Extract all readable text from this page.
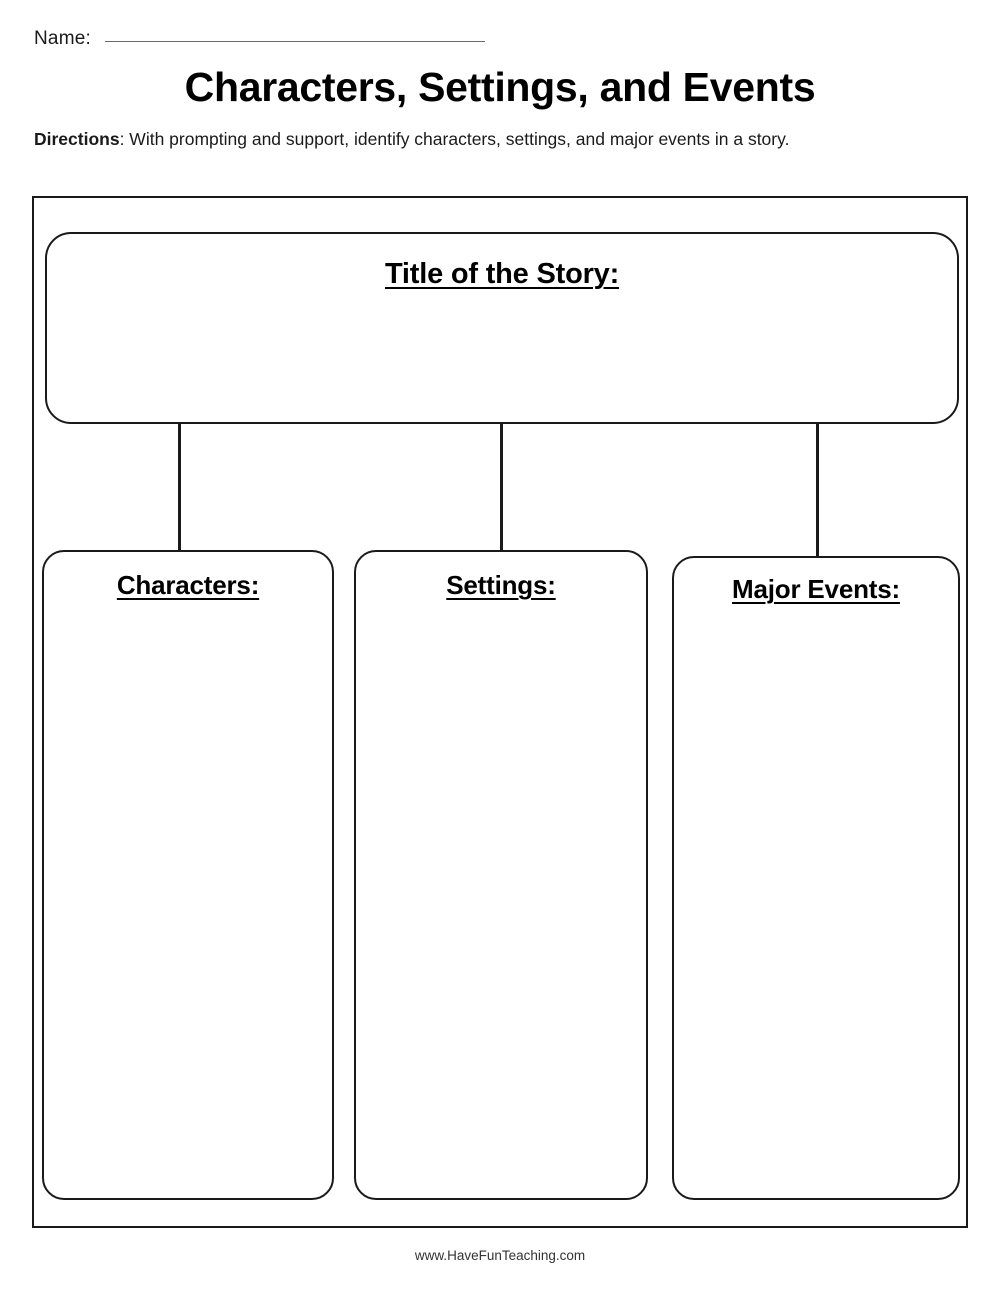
Name:
Characters, Settings, and Events
Directions: With prompting and support, identify characters, settings, and major events in a story.
Title of the Story:
Characters:	Settings:	Major Events:
www.HaveFunTeaching.com
